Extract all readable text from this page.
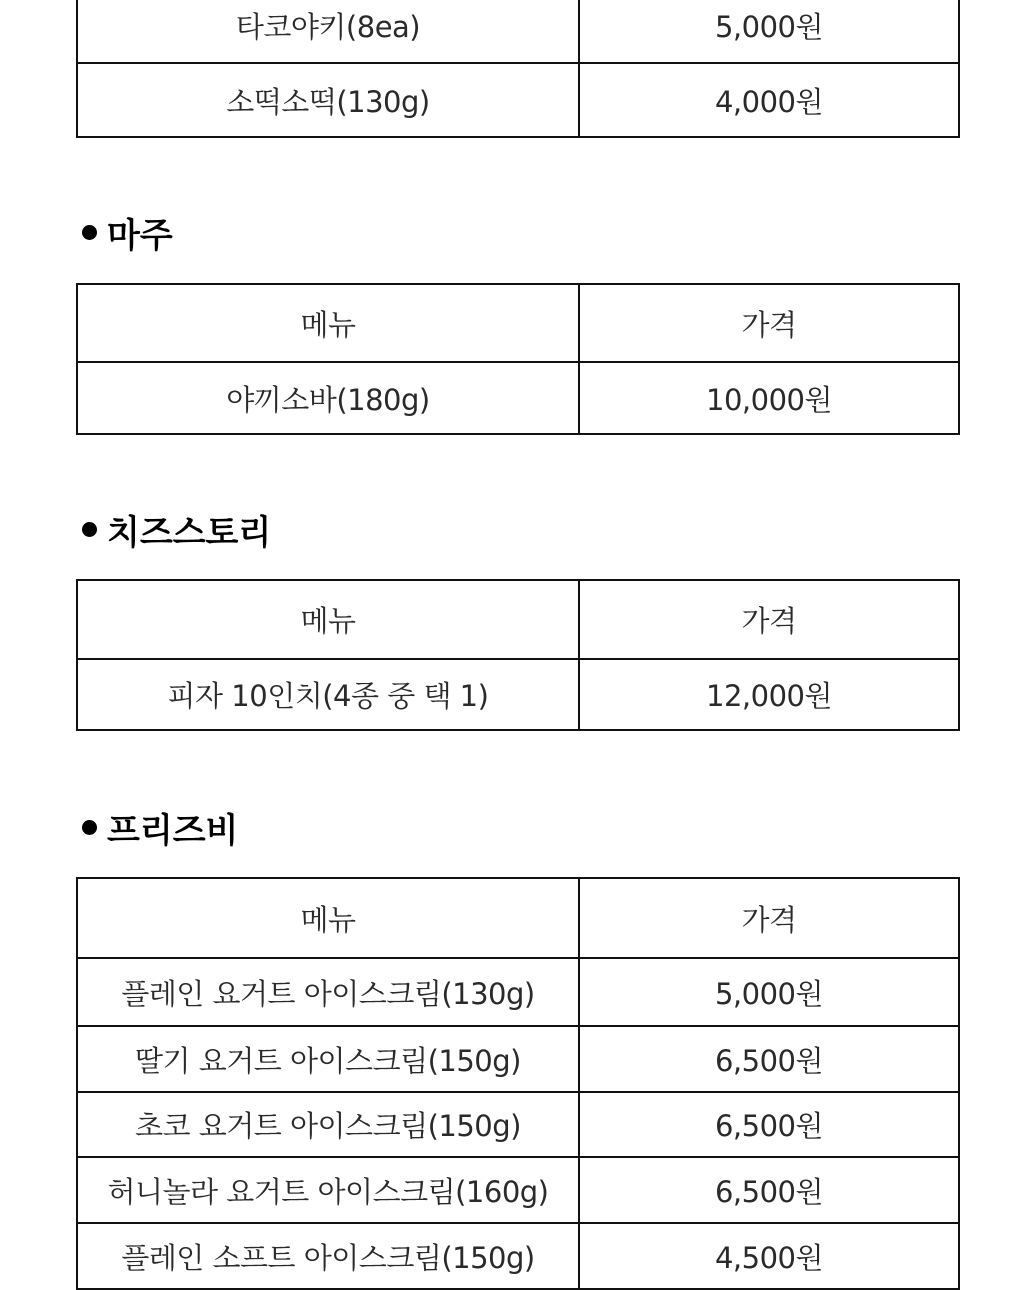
타코야키(8ea)	5,000원
소떡소떡(130g)	4,000원
마주
메뉴	가격
야끼소바(180g)	10,000원
치즈스토리
메뉴	가격
피자 10인치(4종 중 택 1)	12,000원
프리즈비
메뉴	가격
플레인 요거트 아이스크림(130g)	5,000원
딸기 요거트 아이스크림(150g)	6,500원
초코 요거트 아이스크림(150g)	6,500원
허니놀라 요거트 아이스크림(160g)	6,500원
플레인 소프트 아이스크림(150g)	4,500원
